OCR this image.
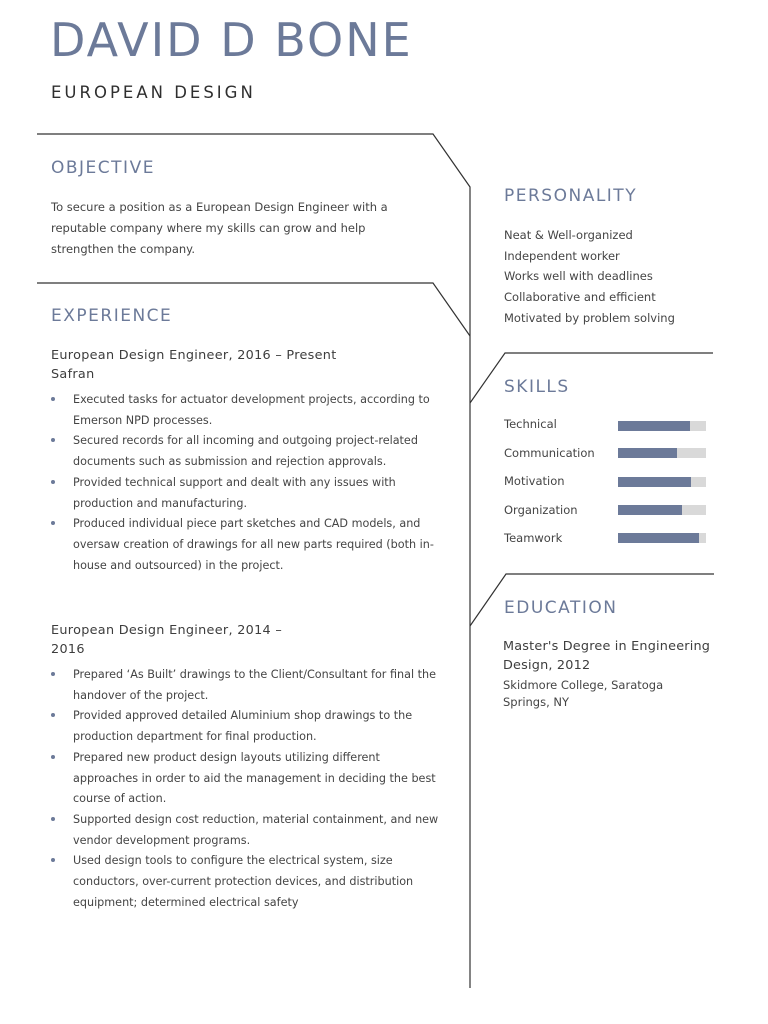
DAVID D BONE
EUROPEAN DESIGN
OBJECTIVE
To secure a position as a European Design Engineer with a reputable company where my skills can grow and help strengthen the company.
EXPERIENCE
European Design Engineer, 2016 – Present
Safran
Executed tasks for actuator development projects, according to Emerson NPD processes.
Secured records for all incoming and outgoing project-related documents such as submission and rejection approvals.
Provided technical support and dealt with any issues with production and manufacturing.
Produced individual piece part sketches and CAD models, and oversaw creation of drawings for all new parts required (both in-house and outsourced) in the project.
European Design Engineer, 2014 – 2016
Prepared ‘As Built’ drawings to the Client/Consultant for final the handover of the project.
Provided approved detailed Aluminium shop drawings to the production department for final production.
Prepared new product design layouts utilizing different approaches in order to aid the management in deciding the best course of action.
Supported design cost reduction, material containment, and new vendor development programs.
Used design tools to configure the electrical system, size conductors, over-current protection devices, and distribution equipment; determined electrical safety
PERSONALITY
Neat & Well-organized
Independent worker
Works well with deadlines
Collaborative and efficient
Motivated by problem solving
SKILLS
Technical
Communication
Motivation
Organization
Teamwork
EDUCATION
Master's Degree in Engineering Design, 2012
Skidmore College, Saratoga Springs, NY
